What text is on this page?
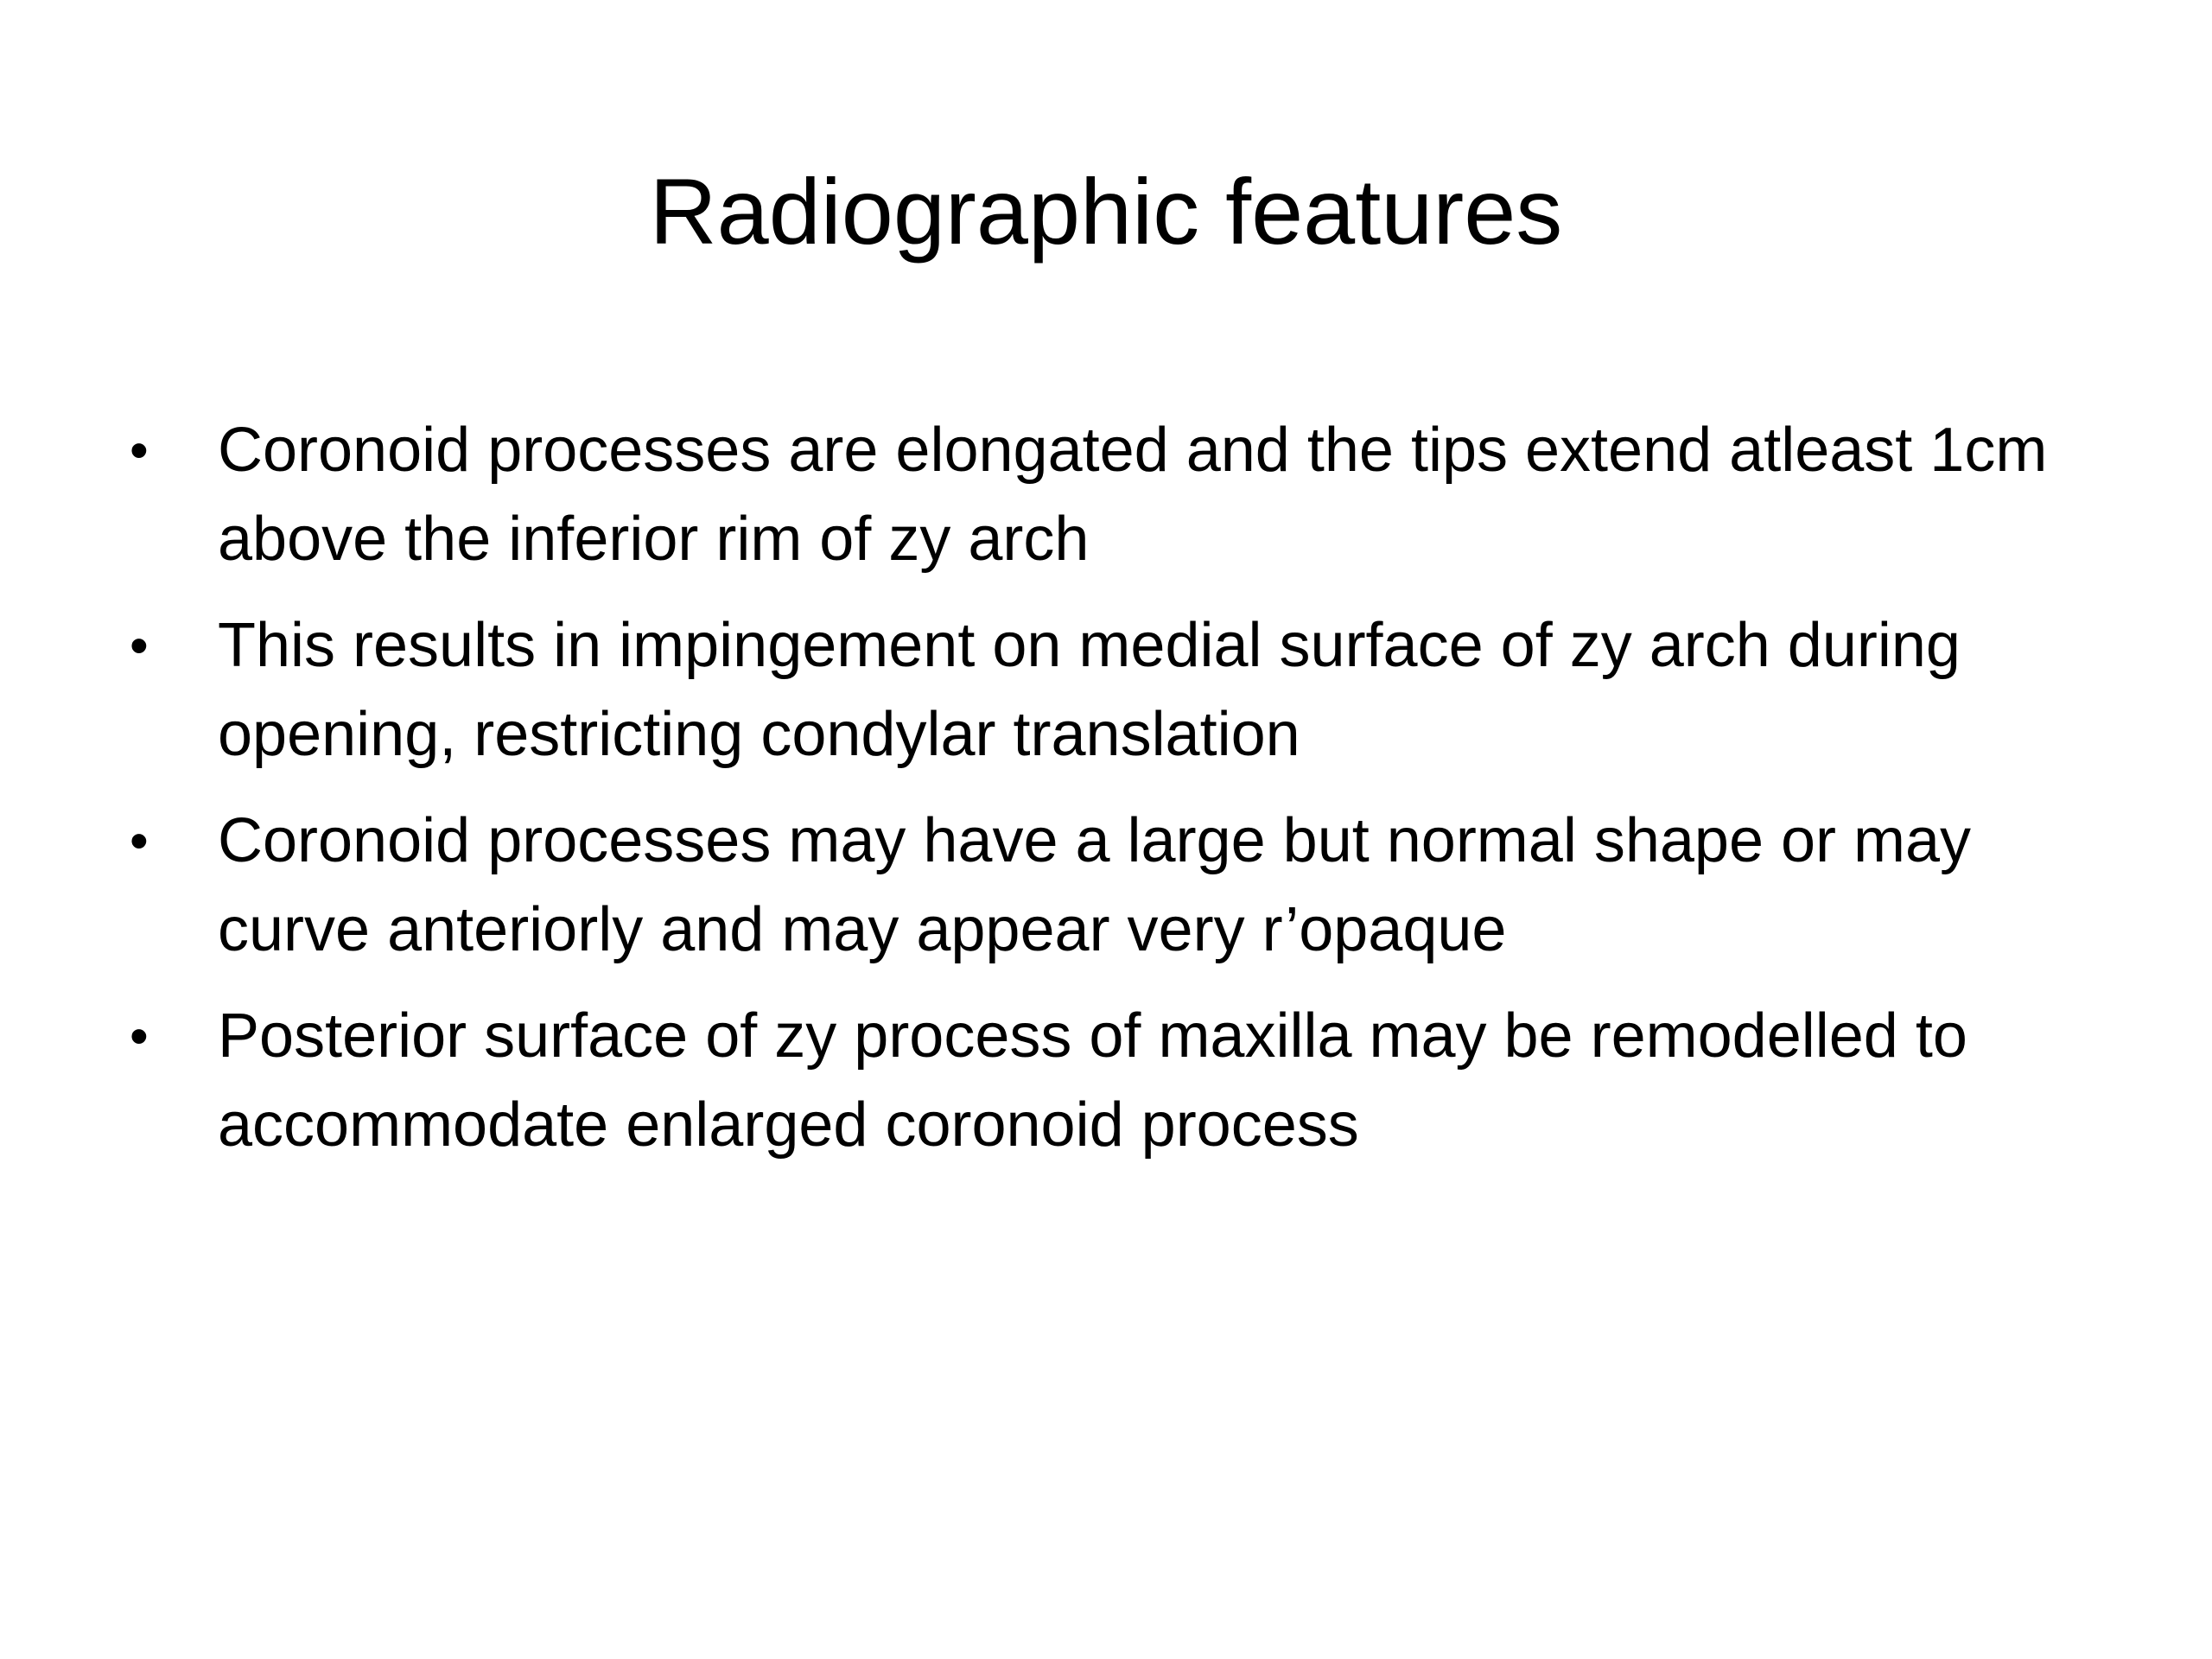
Radiographic features
• Coronoid processes are elongated and the tips extend atleast 1cm above the inferior rim of zy arch
• This results in impingement on medial surface of zy arch during opening, restricting condylar translation
• Coronoid processes may have a large but normal shape or may curve anteriorly and may appear very r’opaque
• Posterior surface of zy process of maxilla may be remodelled to accommodate enlarged coronoid process
